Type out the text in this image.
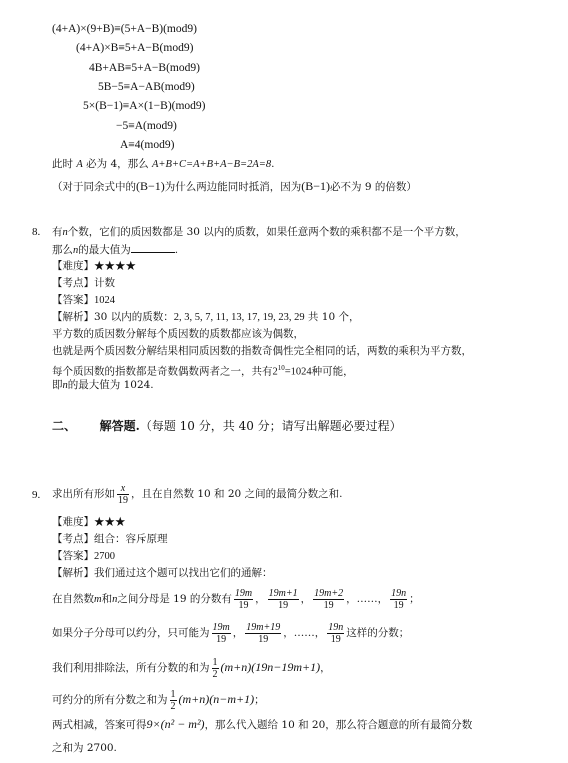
(4+A)×(9+B)≡(5+A−B)(mod9)
(4+A)×B≡5+A−B(mod9)
4B+AB≡5+A−B(mod9)
5B−5≡A−AB(mod9)
5×(B−1)≡A×(1−B)(mod9)
−5≡A(mod9)
A≡4(mod9)
此时 A 必为 4，那么 A+B+C=A+B+A−B=2A=8.
（对于同余式中的(B−1)为什么两边能同时抵消，因为(B−1)必不为 9 的倍数）
8. 有n个数，它们的质因数都是 30 以内的质数，如果任意两个数的乘积都不是一个平方数，
那么n的最大值为	.
【难度】★★★★
【考点】计数
【答案】1024
【解析】30 以内的质数：2, 3, 5, 7, 11, 13, 17, 19, 23, 29 共 10 个，
平方数的质因数分解每个质因数的质数都应该为偶数，
也就是两个质因数分解结果相同质因数的指数奇偶性完全相同的话，两数的乘积为平方数，
每个质因数的指数都是奇数偶数两者之一，共有$2^{10}=1024$种可能，
即n的最大值为 1024.
二、 解答题.（每题 10 分，共 40 分；请写出解题必要过程）
9. 求出所有形如 $\frac{x}{19}$ ，且在自然数 10 和 20 之间的最简分数之和.
【难度】★★★
【考点】组合：容斥原理
【答案】2700
【解析】我们通过这个题可以找出它们的通解：
在自然数m和n之间分母是 19 的分数有 $\frac{19m}{19}$ ， $\frac{19m+1}{19}$ ， $\frac{19m+2}{19}$ ，……， $\frac{19n}{19}$ ；
如果分子分母可以约分，只可能为 $\frac{19m}{19}$ ， $\frac{19m+19}{19}$ ，……， $\frac{19n}{19}$ 这样的分数；
我们利用排除法，所有分数的和为 $\frac{1}{2} (m+n)(19n-19m+1)$，
可约分的所有分数之和为 $\frac{1}{2} (m+n)(n-m+1)$；
两式相减，答案可得9×(n² − m²)，那么代入题给 10 和 20，那么符合题意的所有最简分数
之和为 2700.
